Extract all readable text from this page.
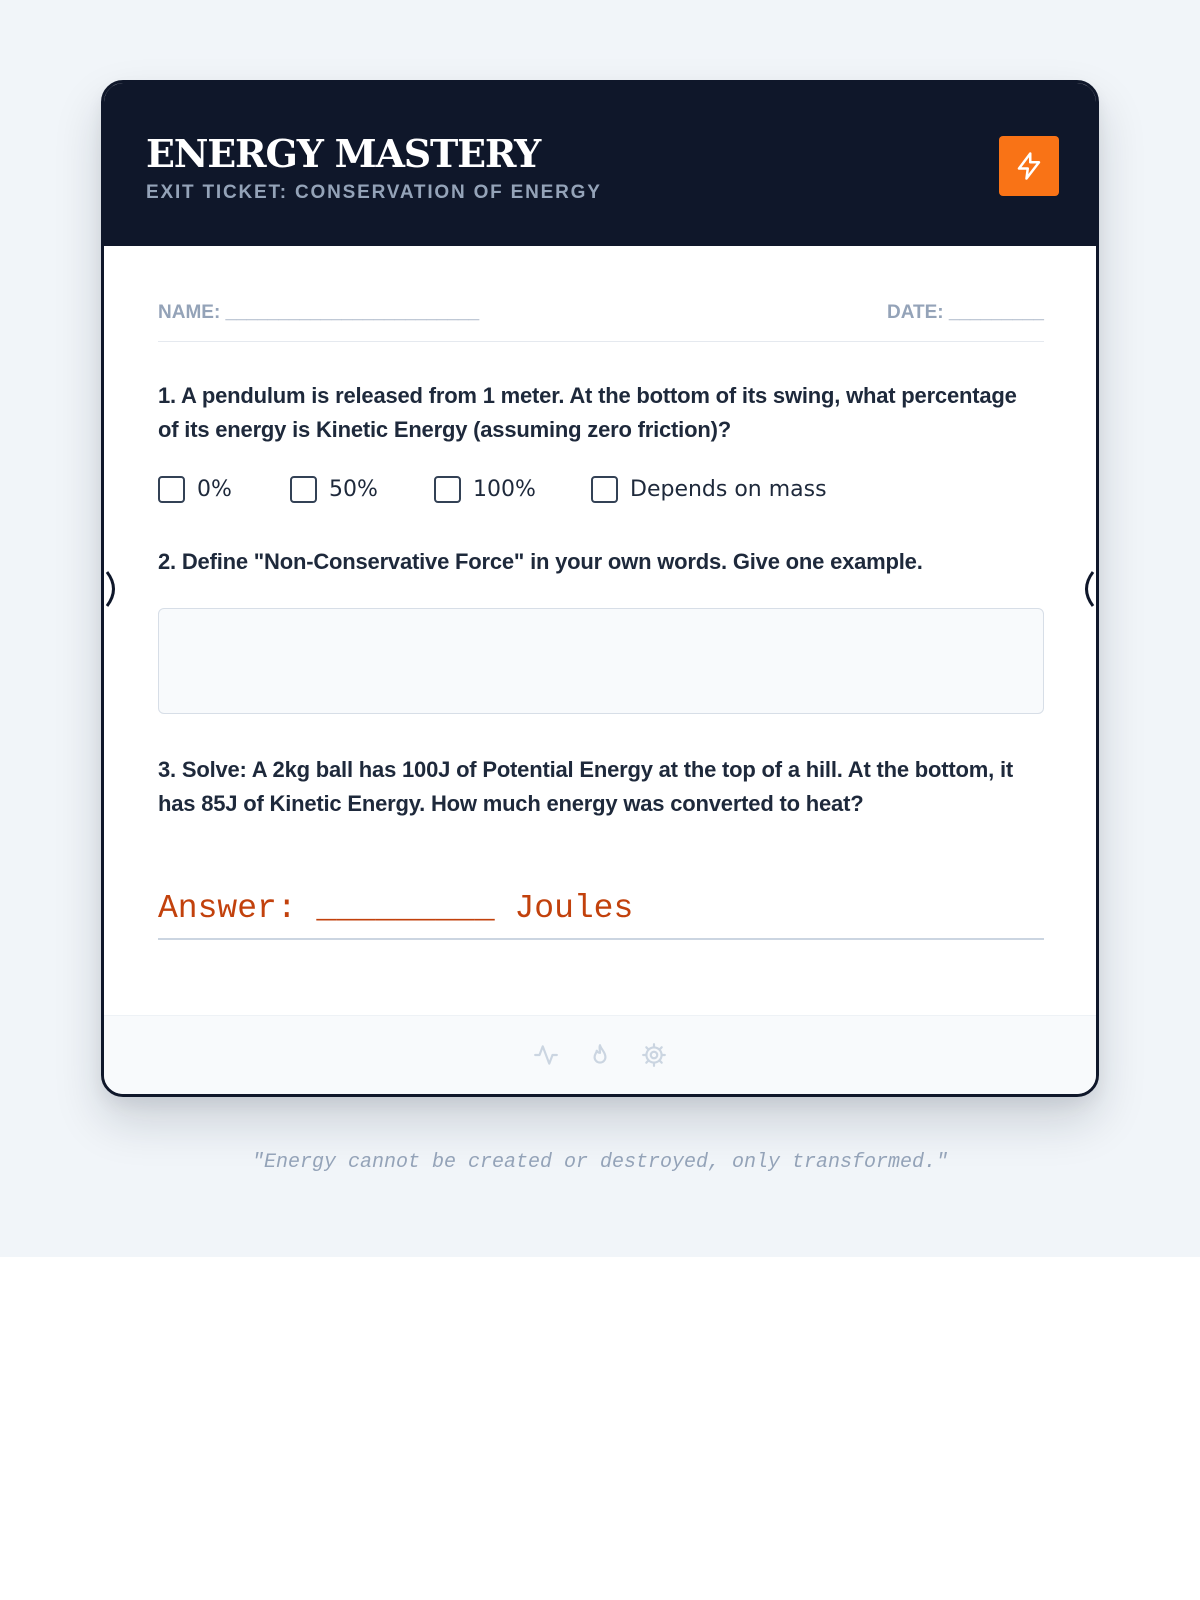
ENERGY MASTERY
EXIT TICKET: CONSERVATION OF ENERGY
NAME: ________________________	DATE: _________
1. A pendulum is released from 1 meter. At the bottom of its swing, what percentage of its energy is Kinetic Energy (assuming zero friction)?
0%	50%	100%	Depends on mass
2. Define "Non-Conservative Force" in your own words. Give one example.
3. Solve: A 2kg ball has 100J of Potential Energy at the top of a hill. At the bottom, it has 85J of Kinetic Energy. How much energy was converted to heat?
Answer: _________ Joules
"Energy cannot be created or destroyed, only transformed."
